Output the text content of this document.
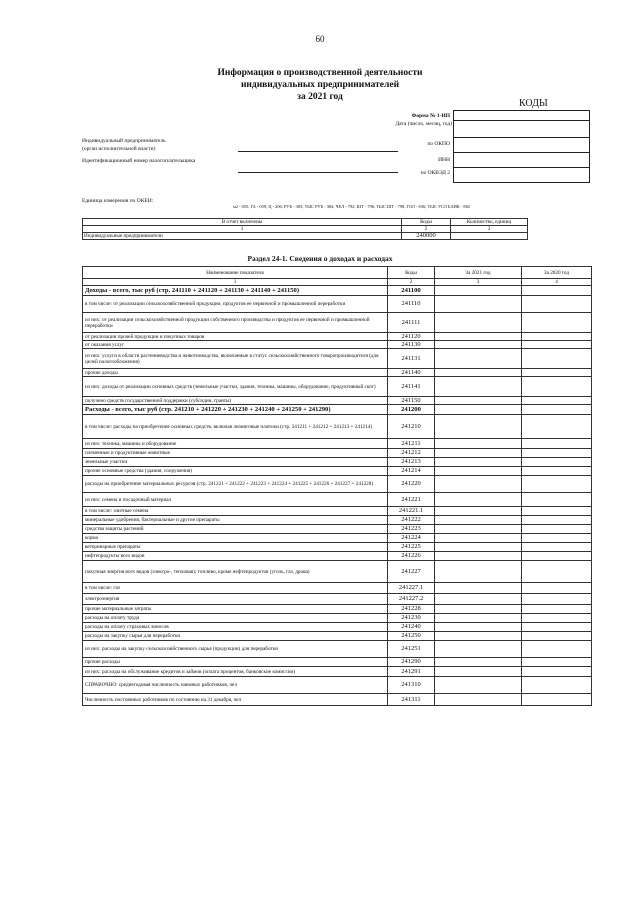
60
Информация о производственной деятельности
индивидуальных предпринимателей
за 2021 год
КОДЫ
Форма № 1-ИП
Дата (число, месяц, год)
по ОКПО
ИНН
по ОКВЭД 2
Индивидуальный предприниматель
(орган исполнительной власти)
Идентификационный номер налогоплательщика
Единица измерения по ОКЕИ:
м2 - 055; ГА - 059; Ц - 206; РУБ - 383; ТЫС РУБ - 384; ЧЕЛ - 792; ШТ - 796; ТЫС ШТ - 798; ГОЛ - 836; ТЫС УСЛ БАНК - 882
В отчет включены	Коды	Количество, единиц
1	2	3
Индивидуальные предприниматели	240000	
Раздел 24-1. Сведения о доходах и расходах
Наименование показателя	Коды	За 2021 год	За 2020 год
1	2	3	4
Доходы - всего, тыс руб (стр. 241110 + 241120 + 241130 + 241140 + 241150)	241100		
в том числе: от реализации сельскохозяйственной продукции, продуктов ее первичной и промышленной переработки	241110		
из них: от реализации сельскохозяйственной продукции собственного производства и продуктов ее первичной и промышленной переработки	241111		
от реализации прочей продукции и покупных товаров	241120		
от оказания услуг	241130		
из них: услуги в области растениеводства и животноводства, включаемые в статус сельскохозяйственного товаропроизводителя (для целей налогообложения)	241131		
прочие доходы	241140		
из них: доходы от реализации основных средств (земельные участки, здания, техника, машины, оборудование, продуктивный скот)	241141		
получено средств государственной поддержки (субсидии, гранты)	241150		
Расходы - всего, тыс руб (стр. 241210 + 241220 + 241230 + 241240 + 241250 + 241290)	241200		
в том числе: расходы на приобретение основных средств, включая лизинговые платежи (стр. 241211 + 241212 + 241213 + 241214)	241210		
из них: техника, машины и оборудование	241211		
племенные и продуктивные животные	241212		
земельные участки	241213		
прочие основные средства (здания, сооружения)	241214		
расходы на приобретение материальных ресурсов (стр. 241221 + 241222 + 241223 + 241224 + 241225 + 241226 + 241227 + 241228)	241220		
из них: семена и посадочный материал	241221		
в том числе: элитные семена	241221.1		
минеральные удобрения, бактериальные и другие препараты	241222		
средства защиты растений	241223		
корма	241224		
ветеринарные препараты	241225		
нефтепродукты всех видов	241226		
покупная энергия всех видов (электро-, тепловая); топливо, кроме нефтепродуктов (уголь, газ, дрова)	241227		
в том числе: газ	241227.1		
электроэнергия	241227.2		
прочие материальные затраты	241228		
расходы на оплату труда	241230		
расходы на оплату страховых взносов	241240		
расходы на закупку сырья для переработки	241250		
из них: расходы на закупку сельскохозяйственного сырья (продукции) для переработки	241251		
прочие расходы	241290		
из них: расходы на обслуживание кредитов и займов (оплата процентов, банковские комиссии)	241291		
СПРАВОЧНО: среднегодовая численность наемных работников, чел	241310		
Численность постоянных работников по состоянию на 31 декабря, чел	241311		
